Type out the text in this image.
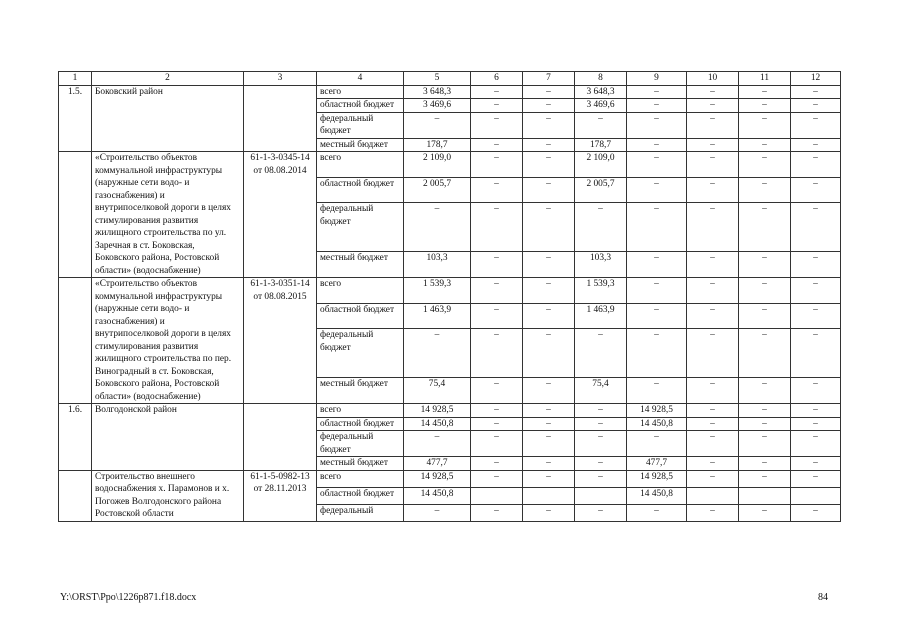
1	2	3	4	5	6	7	8	9	10	11	12
1.5.	Боковский район		всего	3 648,3	–	–	3 648,3	–	–	–	–
			областной бюджет	3 469,6	–	–	3 469,6	–	–	–	–
			федеральный бюджет	–	–	–	–	–	–	–	–
			местный бюджет	178,7	–	–	178,7	–	–	–	–
	«Строительство объектов коммунальной инфраструктуры (наружные сети водо- и газоснабжения) и внутрипоселковой дороги в целях стимулирования развития жилищного строительства по ул. Заречная в ст. Боковская, Боковского района, Ростовской области» (водоснабжение)	61-1-3-0345-14 от 08.08.2014	всего	2 109,0	–	–	2 109,0	–	–	–	–
			областной бюджет	2 005,7	–	–	2 005,7	–	–	–	–
			федеральный бюджет	–	–	–	–	–	–	–	–
			местный бюджет	103,3	–	–	103,3	–	–	–	–
	«Строительство объектов коммунальной инфраструктуры (наружные сети водо- и газоснабжения) и внутрипоселковой дороги в целях стимулирования развития жилищного строительства по пер. Виноградный в ст. Боковская, Боковского района, Ростовской области» (водоснабжение)	61-1-3-0351-14 от 08.08.2015	всего	1 539,3	–	–	1 539,3	–	–	–	–
			областной бюджет	1 463,9	–	–	1 463,9	–	–	–	–
			федеральный бюджет	–	–	–	–	–	–	–	–
			местный бюджет	75,4	–	–	75,4	–	–	–	–
1.6.	Волгодонской район		всего	14 928,5	–	–	–	14 928,5	–	–	–
			областной бюджет	14 450,8	–	–	–	14 450,8	–	–	–
			федеральный бюджет	–	–	–	–	–	–	–	–
			местный бюджет	477,7	–	–	–	477,7	–	–	–
	Строительство внешнего водоснабжения х. Парамонов и х. Погожев Волгодонского района Ростовской области	61-1-5-0982-13 от 28.11.2013	всего	14 928,5	–	–	–	14 928,5	–	–	–
			областной бюджет	14 450,8				14 450,8			
			федеральный	–	–	–	–	–	–	–	–
Y:\ORST\Ppo\1226p871.f18.docx	84
